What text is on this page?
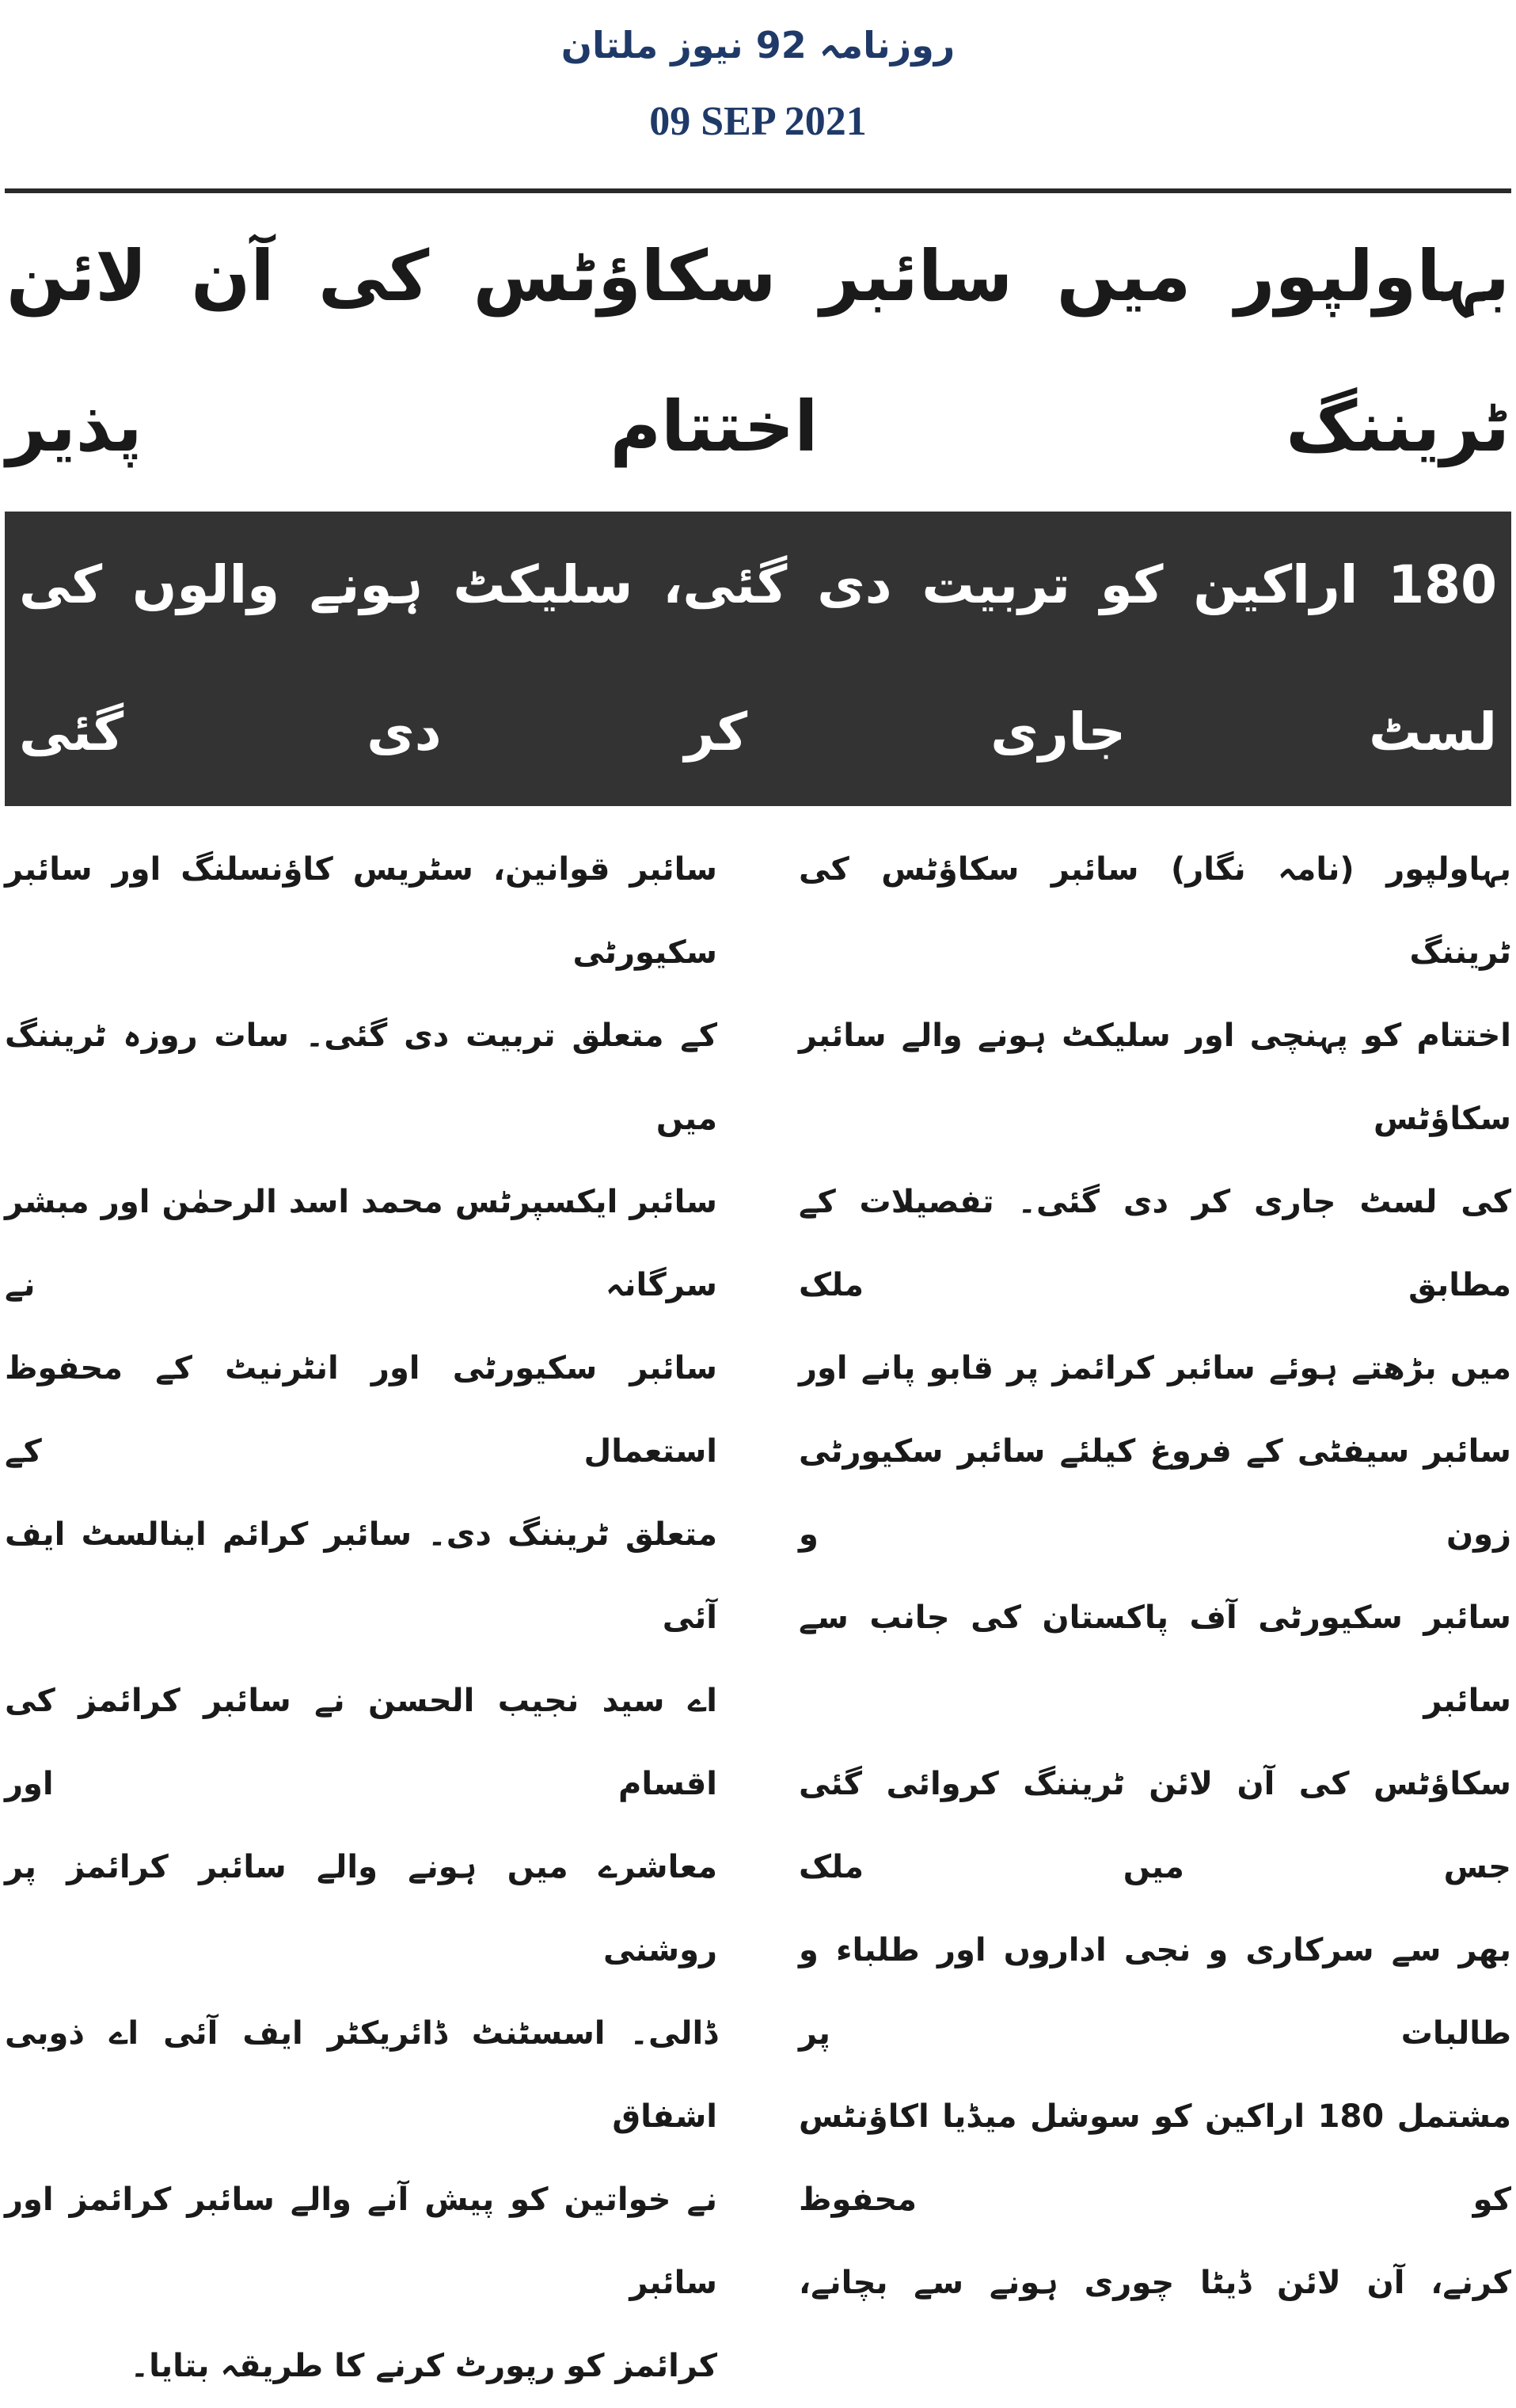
روزنامہ 92 نیوز ملتان
09 SEP 2021
بہاولپور میں سائبر سکاؤٹس کی آن لائن ٹریننگ اختتام پذیر
180 اراکین کو تربیت دی گئی، سلیکٹ ہونے والوں کی لسٹ جاری کر دی گئی
بہاولپور (نامہ نگار) سائبر سکاؤٹس کی ٹریننگ
اختتام کو پہنچی اور سلیکٹ ہونے والے سائبر سکاؤٹس
کی لسٹ جاری کر دی گئی۔ تفصیلات کے مطابق ملک
میں بڑھتے ہوئے سائبر کرائمز پر قابو پانے اور
سائبر سیفٹی کے فروغ کیلئے سائبر سکیورٹی زون و
سائبر سکیورٹی آف پاکستان کی جانب سے سائبر
سکاؤٹس کی آن لائن ٹریننگ کروائی گئی جس میں ملک
بھر سے سرکاری و نجی اداروں اور طلباء و طالبات پر
مشتمل 180 اراکین کو سوشل میڈیا اکاؤنٹس کو محفوظ
کرنے، آن لائن ڈیٹا چوری ہونے سے بچانے،
سائبر قوانین، سٹریس کاؤنسلنگ اور سائبر سکیورٹی
کے متعلق تربیت دی گئی۔ سات روزہ ٹریننگ میں
سائبر ایکسپرٹس محمد اسد الرحمٰن اور مبشر سرگانہ نے
سائبر سکیورٹی اور انٹرنیٹ کے محفوظ استعمال کے
متعلق ٹریننگ دی۔ سائبر کرائم اینالسٹ ایف آئی
اے سید نجیب الحسن نے سائبر کرائمز کی اقسام اور
معاشرے میں ہونے والے سائبر کرائمز پر روشنی
ڈالی۔ اسسٹنٹ ڈائریکٹر ایف آئی اے ذوبی اشفاق
نے خواتین کو پیش آنے والے سائبر کرائمز اور سائبر
کرائمز کو رپورٹ کرنے کا طریقہ بتایا۔
